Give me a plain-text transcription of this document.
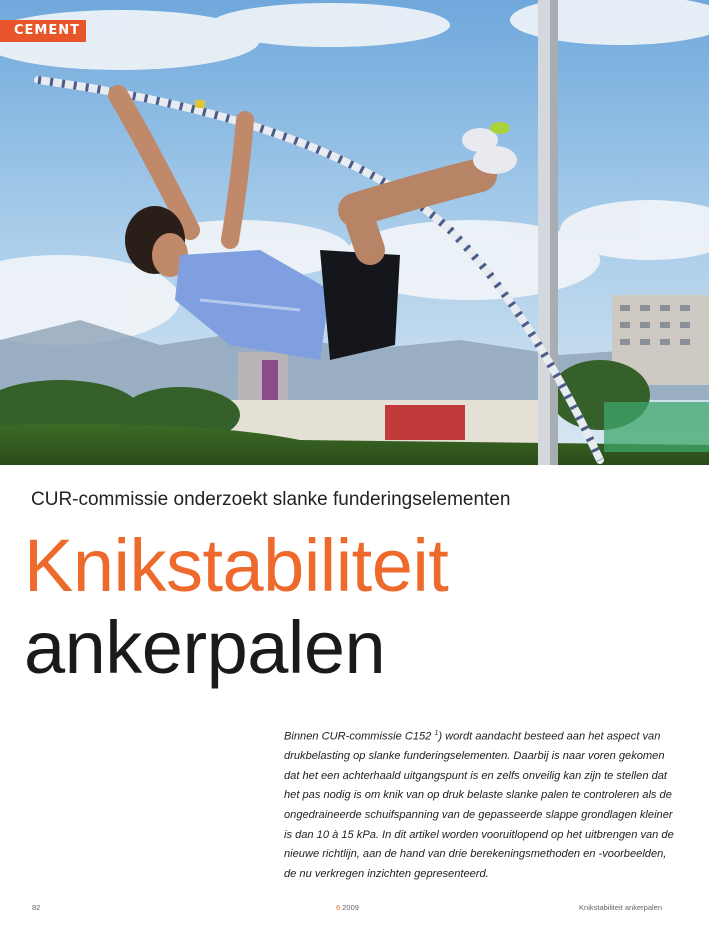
CEMENT
CUR-commissie onderzoekt slanke funderingselementen
Knikstabiliteit
ankerpalen
Binnen CUR-commissie C152 $^1$) wordt aandacht besteed aan het aspect van drukbelasting op slanke funderingselementen. Daarbij is naar voren gekomen dat het een achterhaald uitgangspunt is en zelfs onveilig kan zijn te stellen dat het pas nodig is om knik van op druk belaste slanke palen te controleren als de ongedraineerde schuifspanning van de gepasseerde slappe grondlagen kleiner is dan 10 à 15 kPa. In dit artikel worden vooruitlopend op het uitbrengen van de nieuwe richtlijn, aan de hand van drie berekeningsmethoden en -voorbeelden, de nu verkregen inzichten gepresenteerd.
82	6 2009	Knikstabiliteit ankerpalen
